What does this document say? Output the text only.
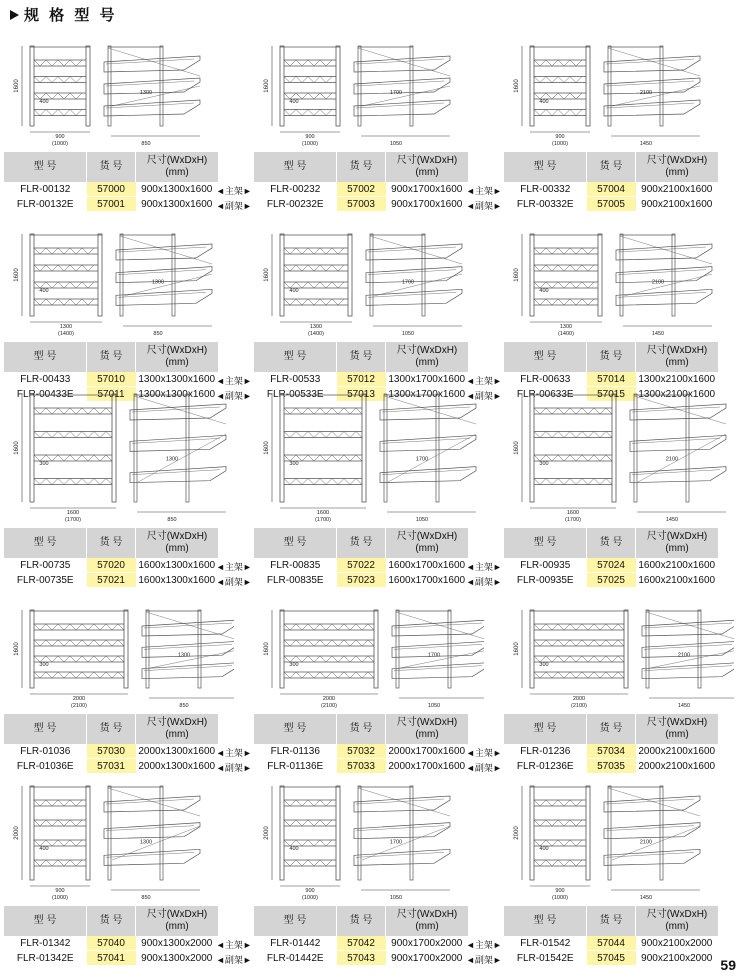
规 格 型 号
59
1600
400
900
(1000)
1300
850
型 号	货 号	尺寸(WxDxH)
(mm)
FLR-00132	57000	900x1300x1600
FLR-00132E	57001	900x1300x1600
◄主架►
◄副架►
1600
400
900
(1000)
1700
1050
型 号	货 号	尺寸(WxDxH)
(mm)
FLR-00232	57002	900x1700x1600
FLR-00232E	57003	900x1700x1600
◄主架►
◄副架►
1600
400
900
(1000)
2100
1450
型 号	货 号	尺寸(WxDxH)
(mm)
FLR-00332	57004	900x2100x1600
FLR-00332E	57005	900x2100x1600
1600
400
1300
(1400)
1300
850
型 号	货 号	尺寸(WxDxH)
(mm)
FLR-00433	57010	1300x1300x1600
FLR-00433E	57011	1300x1300x1600
◄主架►
◄副架►
1600
400
1300
(1400)
1700
1050
型 号	货 号	尺寸(WxDxH)
(mm)
FLR-00533	57012	1300x1700x1600
FLR-00533E	57013	1300x1700x1600
◄主架►
◄副架►
1600
400
1300
(1400)
2100
1450
型 号	货 号	尺寸(WxDxH)
(mm)
FLR-00633	57014	1300x2100x1600
FLR-00633E	57015	1300x2100x1600
1600
300
1600
(1700)
1300
850
型 号	货 号	尺寸(WxDxH)
(mm)
FLR-00735	57020	1600x1300x1600
FLR-00735E	57021	1600x1300x1600
◄主架►
◄副架►
1600
300
1600
(1700)
1700
1050
型 号	货 号	尺寸(WxDxH)
(mm)
FLR-00835	57022	1600x1700x1600
FLR-00835E	57023	1600x1700x1600
◄主架►
◄副架►
1600
300
1600
(1700)
2100
1450
型 号	货 号	尺寸(WxDxH)
(mm)
FLR-00935	57024	1600x2100x1600
FLR-00935E	57025	1600x2100x1600
1600
300
2000
(2100)
1300
850
型 号	货 号	尺寸(WxDxH)
(mm)
FLR-01036	57030	2000x1300x1600
FLR-01036E	57031	2000x1300x1600
◄主架►
◄副架►
1600
300
2000
(2100)
1700
1050
型 号	货 号	尺寸(WxDxH)
(mm)
FLR-01136	57032	2000x1700x1600
FLR-01136E	57033	2000x1700x1600
◄主架►
◄副架►
1600
300
2000
(2100)
2100
1450
型 号	货 号	尺寸(WxDxH)
(mm)
FLR-01236	57034	2000x2100x1600
FLR-01236E	57035	2000x2100x1600
2000
400
900
(1000)
1300
850
型 号	货 号	尺寸(WxDxH)
(mm)
FLR-01342	57040	900x1300x2000
FLR-01342E	57041	900x1300x2000
◄主架►
◄副架►
2000
400
900
(1000)
1700
1050
型 号	货 号	尺寸(WxDxH)
(mm)
FLR-01442	57042	900x1700x2000
FLR-01442E	57043	900x1700x2000
◄主架►
◄副架►
2000
400
900
(1000)
2100
1450
型 号	货 号	尺寸(WxDxH)
(mm)
FLR-01542	57044	900x2100x2000
FLR-01542E	57045	900x2100x2000
